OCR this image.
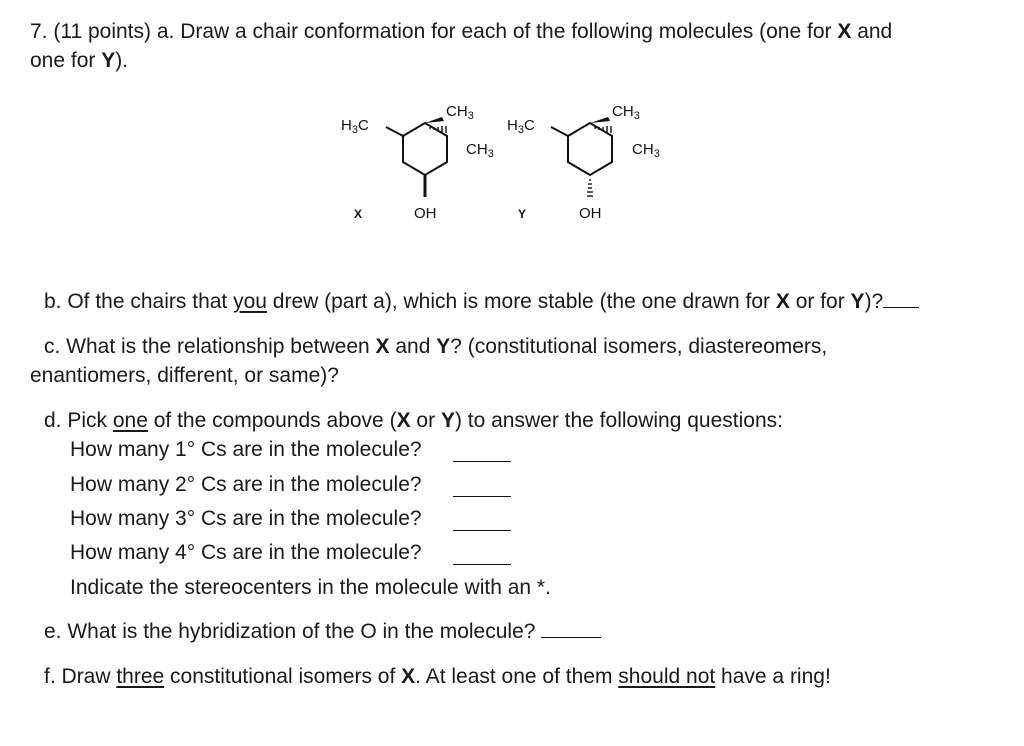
7. (11 points) a. Draw a chair conformation for each of the following molecules (one for X and
one for Y).
H3C
CH3
CH3
OH
X
H3C
CH3
CH3
OH
Y
b. Of the chairs that you drew (part a), which is more stable (the one drawn for X or for Y)?
c. What is the relationship between X and Y? (constitutional isomers, diastereomers,
enantiomers, different, or same)?
d. Pick one of the compounds above (X or Y) to answer the following questions:
How many 1° Cs are in the molecule?
How many 2° Cs are in the molecule?
How many 3° Cs are in the molecule?
How many 4° Cs are in the molecule?
Indicate the stereocenters in the molecule with an *.
e. What is the hybridization of the O in the molecule?
f. Draw three constitutional isomers of X. At least one of them should not have a ring!
